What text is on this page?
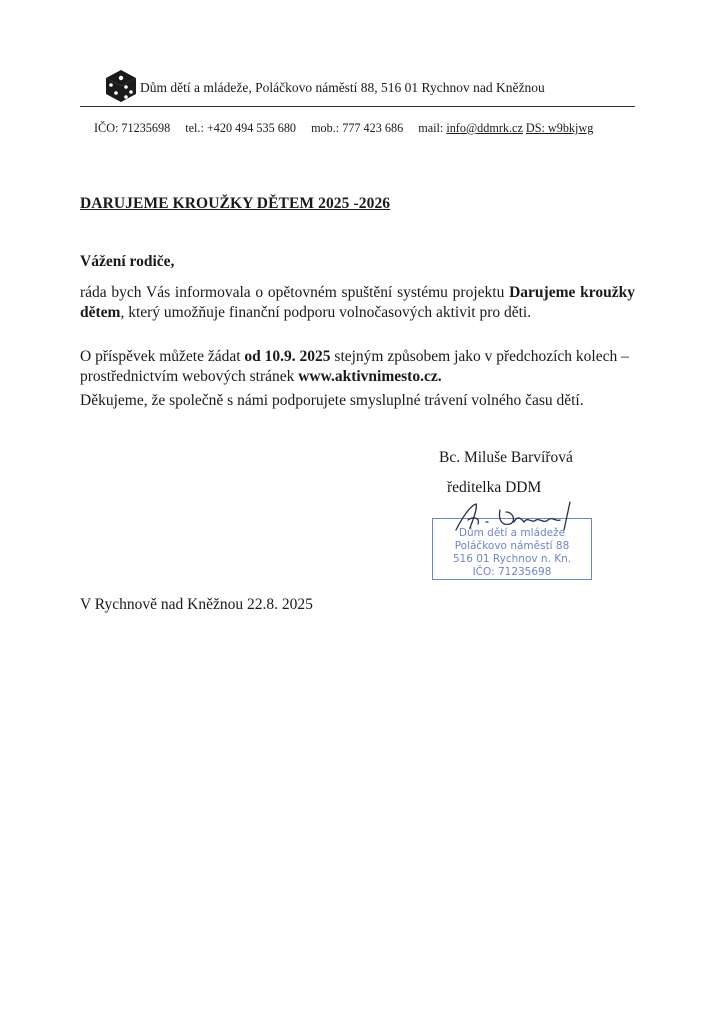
Dům dětí a mládeže, Poláčkovo náměstí 88, 516 01 Rychnov nad Kněžnou
IČO: 71235698 tel.: +420 494 535 680 mob.: 777 423 686 mail: info@ddmrk.cz DS: w9bkjwg
DARUJEME KROUŽKY DĚTEM 2025 -2026
Vážení rodiče,
ráda bych Vás informovala o opětovném spuštění systému projektu Darujeme kroužky dětem, který umožňuje finanční podporu volnočasových aktivit pro děti.
O příspěvek můžete žádat od 10.9. 2025 stejným způsobem jako v předchozích kolech – prostřednictvím webových stránek www.aktivnimesto.cz.
Děkujeme, že společně s námi podporujete smysluplné trávení volného času dětí.
Bc. Miluše Barvířová
ředitelka DDM
Dům dětí a mládeže
Poláčkovo náměstí 88
516 01 Rychnov n. Kn.
IČO: 71235698
V Rychnově nad Kněžnou 22.8. 2025
